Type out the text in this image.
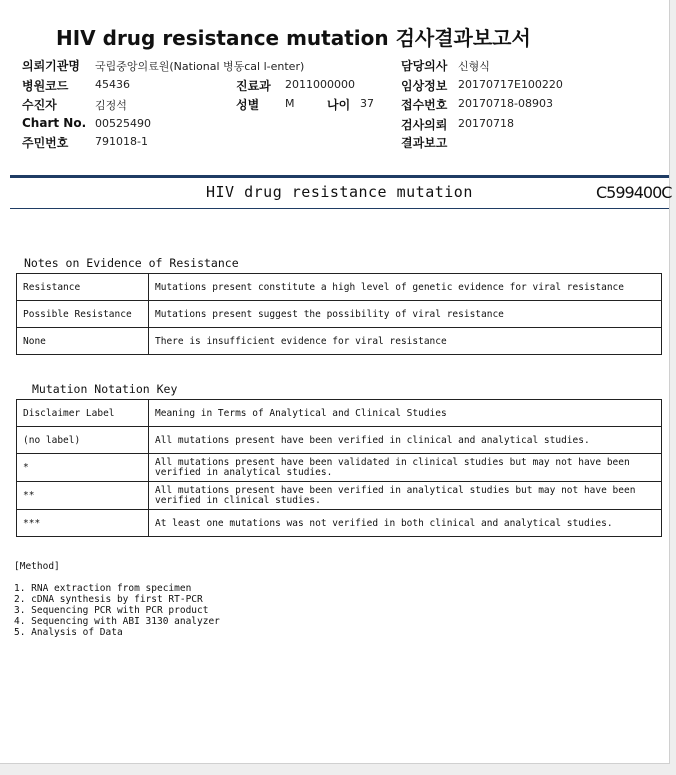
HIV drug resistance mutation 검사결과보고서
의뢰기관명 국립중앙의료원(National 병동cal l-enter)
병원코드 45436
수진자	김정석
Chart No. 00525490
주민번호 791018-1
진료과 2011000000
성별 M	나이 37
담당의사 신형식
임상정보 20170717E100220
접수번호 20170718-08903
검사의뢰 20170718
결과보고
HIV drug resistance mutation	C599400C
Notes on Evidence of Resistance
Resistance	Mutations present constitute a high level of genetic evidence for viral resistance
Possible Resistance	Mutations present suggest the possibility of viral resistance
None	There is insufficient evidence for viral resistance
Mutation Notation Key
Disclaimer Label	Meaning in Terms of Analytical and Clinical Studies
(no label)	All mutations present have been verified in clinical and analytical studies.
*	All mutations present have been validated in clinical studies but may not have been verified in analytical studies.
**	All mutations present have been verified in analytical studies but may not have been verified in clinical studies.
***	At least one mutations was not verified in both clinical and analytical studies.
[Method]
1. RNA extraction from specimen
2. cDNA synthesis by first RT-PCR
3. Sequencing PCR with PCR product
4. Sequencing with ABI 3130 analyzer
5. Analysis of Data
